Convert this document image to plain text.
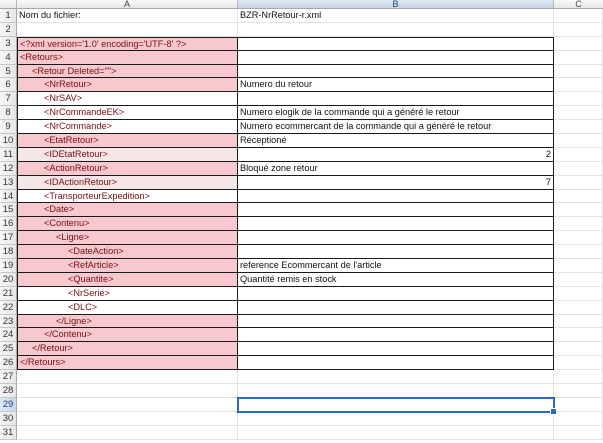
A	B	C
1 Nom du fichier:	BZR-NrRetour-r.xml
2
3	<?xml version='1.0' encoding='UTF-8' ?>
4	<Retours>
5	<Retour Deleted="">
6	<NrRetour>	Numero du retour
7	<NrSAV>
8	<NrCommandeEK>	Numero elogik de la commande qui a généré le retour
9	<NrCommande>	Numero ecommercant de la commande qui a généré le retour
10	<EtatRetour>	Réceptioné
11	<IDEtatRetour>	2
12	<ActionRetour>	Bloqué zone retour
13	<IDActionRetour>	7
14	<TransporteurExpedition>
15	<Date>
16	<Contenu>
17	<Ligne>
18	<DateAction>
19	<RefArticle>	reference Ecommercant de l'article
20	<Quantite>	Quantité remis en stock
21	<NrSerie>
22	<DLC>
23	</Ligne>
24	</Contenu>
25	</Retour>
26 </Retours>
27
28
29
30
31
